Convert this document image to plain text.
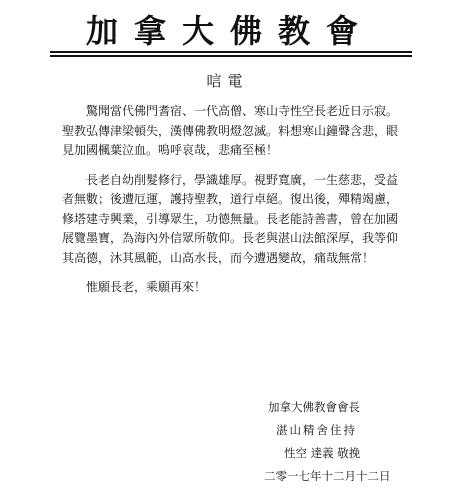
加拿大佛教會
唁電

驚聞當代佛門耆宿、一代高僧、寒山寺性空長老近日示寂。聖教弘傳津梁頓失，漢傳佛教明燈忽滅。料想寒山鐘聲含悲，眼見加國楓葉泣血。嗚呼哀哉，悲痛至極！

長老自幼削髮修行，學識雄厚。視野寬廣，一生慈悲，受益者無數；後遭厄運，護持聖教，道行卓絕。復出後，殫精竭慮，修塔建寺興業，引導眾生，功德無量。長老能詩善書，曾在加國展覽墨寶，為海內外信眾所敬仰。長老與湛山法館深厚，我等仰其高德，沐其風範，山高水長，而今遭遇變故，痛哉無常！

惟願長老，乘願再來！

加拿大佛教會會長
湛山精舍住持
性空 達義 敬挽
二零一七年十二月十二日
